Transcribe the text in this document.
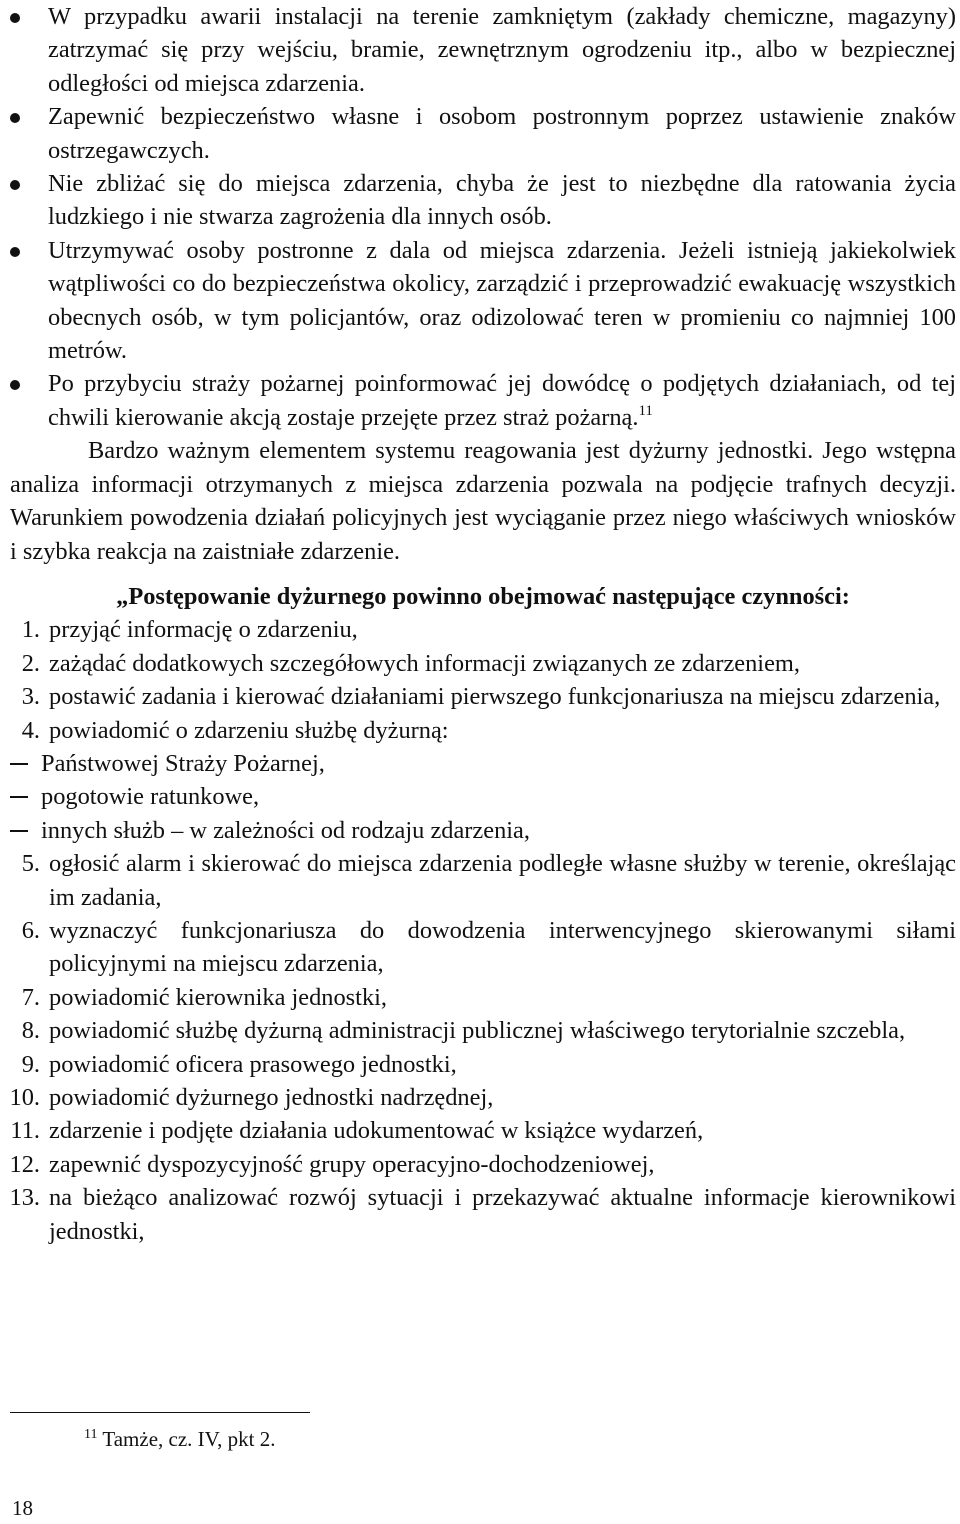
W przypadku awarii instalacji na terenie zamkniętym (zakłady chemiczne, magazyny) zatrzymać się przy wejściu, bramie, zewnętrznym ogrodzeniu itp., albo w bezpiecznej odległości od miejsca zdarzenia.
Zapewnić bezpieczeństwo własne i osobom postronnym poprzez ustawienie znaków ostrzegawczych.
Nie zbliżać się do miejsca zdarzenia, chyba że jest to niezbędne dla ratowania życia ludzkiego i nie stwarza zagrożenia dla innych osób.
Utrzymywać osoby postronne z dala od miejsca zdarzenia. Jeżeli istnieją jakiekolwiek wątpliwości co do bezpieczeństwa okolicy, zarządzić i przeprowadzić ewakuację wszystkich obecnych osób, w tym policjantów, oraz odizolować teren w promieniu co najmniej 100 metrów.
Po przybyciu straży pożarnej poinformować jej dowódcę o podjętych działaniach, od tej chwili kierowanie akcją zostaje przejęte przez straż pożarną.$^{11}$

Bardzo ważnym elementem systemu reagowania jest dyżurny jednostki. Jego wstępna analiza informacji otrzymanych z miejsca zdarzenia pozwala na podjęcie trafnych decyzji. Warunkiem powodzenia działań policyjnych jest wyciąganie przez niego właściwych wniosków i szybka reakcja na zaistniałe zdarzenie.

„Postępowanie dyżurnego powinno obejmować następujące czynności:

1. przyjąć informację o zdarzeniu,
2. zażądać dodatkowych szczegółowych informacji związanych ze zdarzeniem,
3. postawić zadania i kierować działaniami pierwszego funkcjonariusza na miejscu zdarzenia,
4. powiadomić o zdarzeniu służbę dyżurną:
Państwowej Straży Pożarnej,
pogotowie ratunkowe,
innych służb – w zależności od rodzaju zdarzenia,
5. ogłosić alarm i skierować do miejsca zdarzenia podległe własne służby w terenie, określając im zadania,
6. wyznaczyć funkcjonariusza do dowodzenia interwencyjnego skierowanymi siłami policyjnymi na miejscu zdarzenia,
7. powiadomić kierownika jednostki,
8. powiadomić służbę dyżurną administracji publicznej właściwego terytorialnie szczebla,
9. powiadomić oficera prasowego jednostki,
10. powiadomić dyżurnego jednostki nadrzędnej,
11. zdarzenie i podjęte działania udokumentować w książce wydarzeń,
12. zapewnić dyspozycyjność grupy operacyjno-dochodzeniowej,
13. na bieżąco analizować rozwój sytuacji i przekazywać aktualne informacje kierownikowi jednostki,
$^{11}$ Tamże, cz. IV, pkt 2.
18
